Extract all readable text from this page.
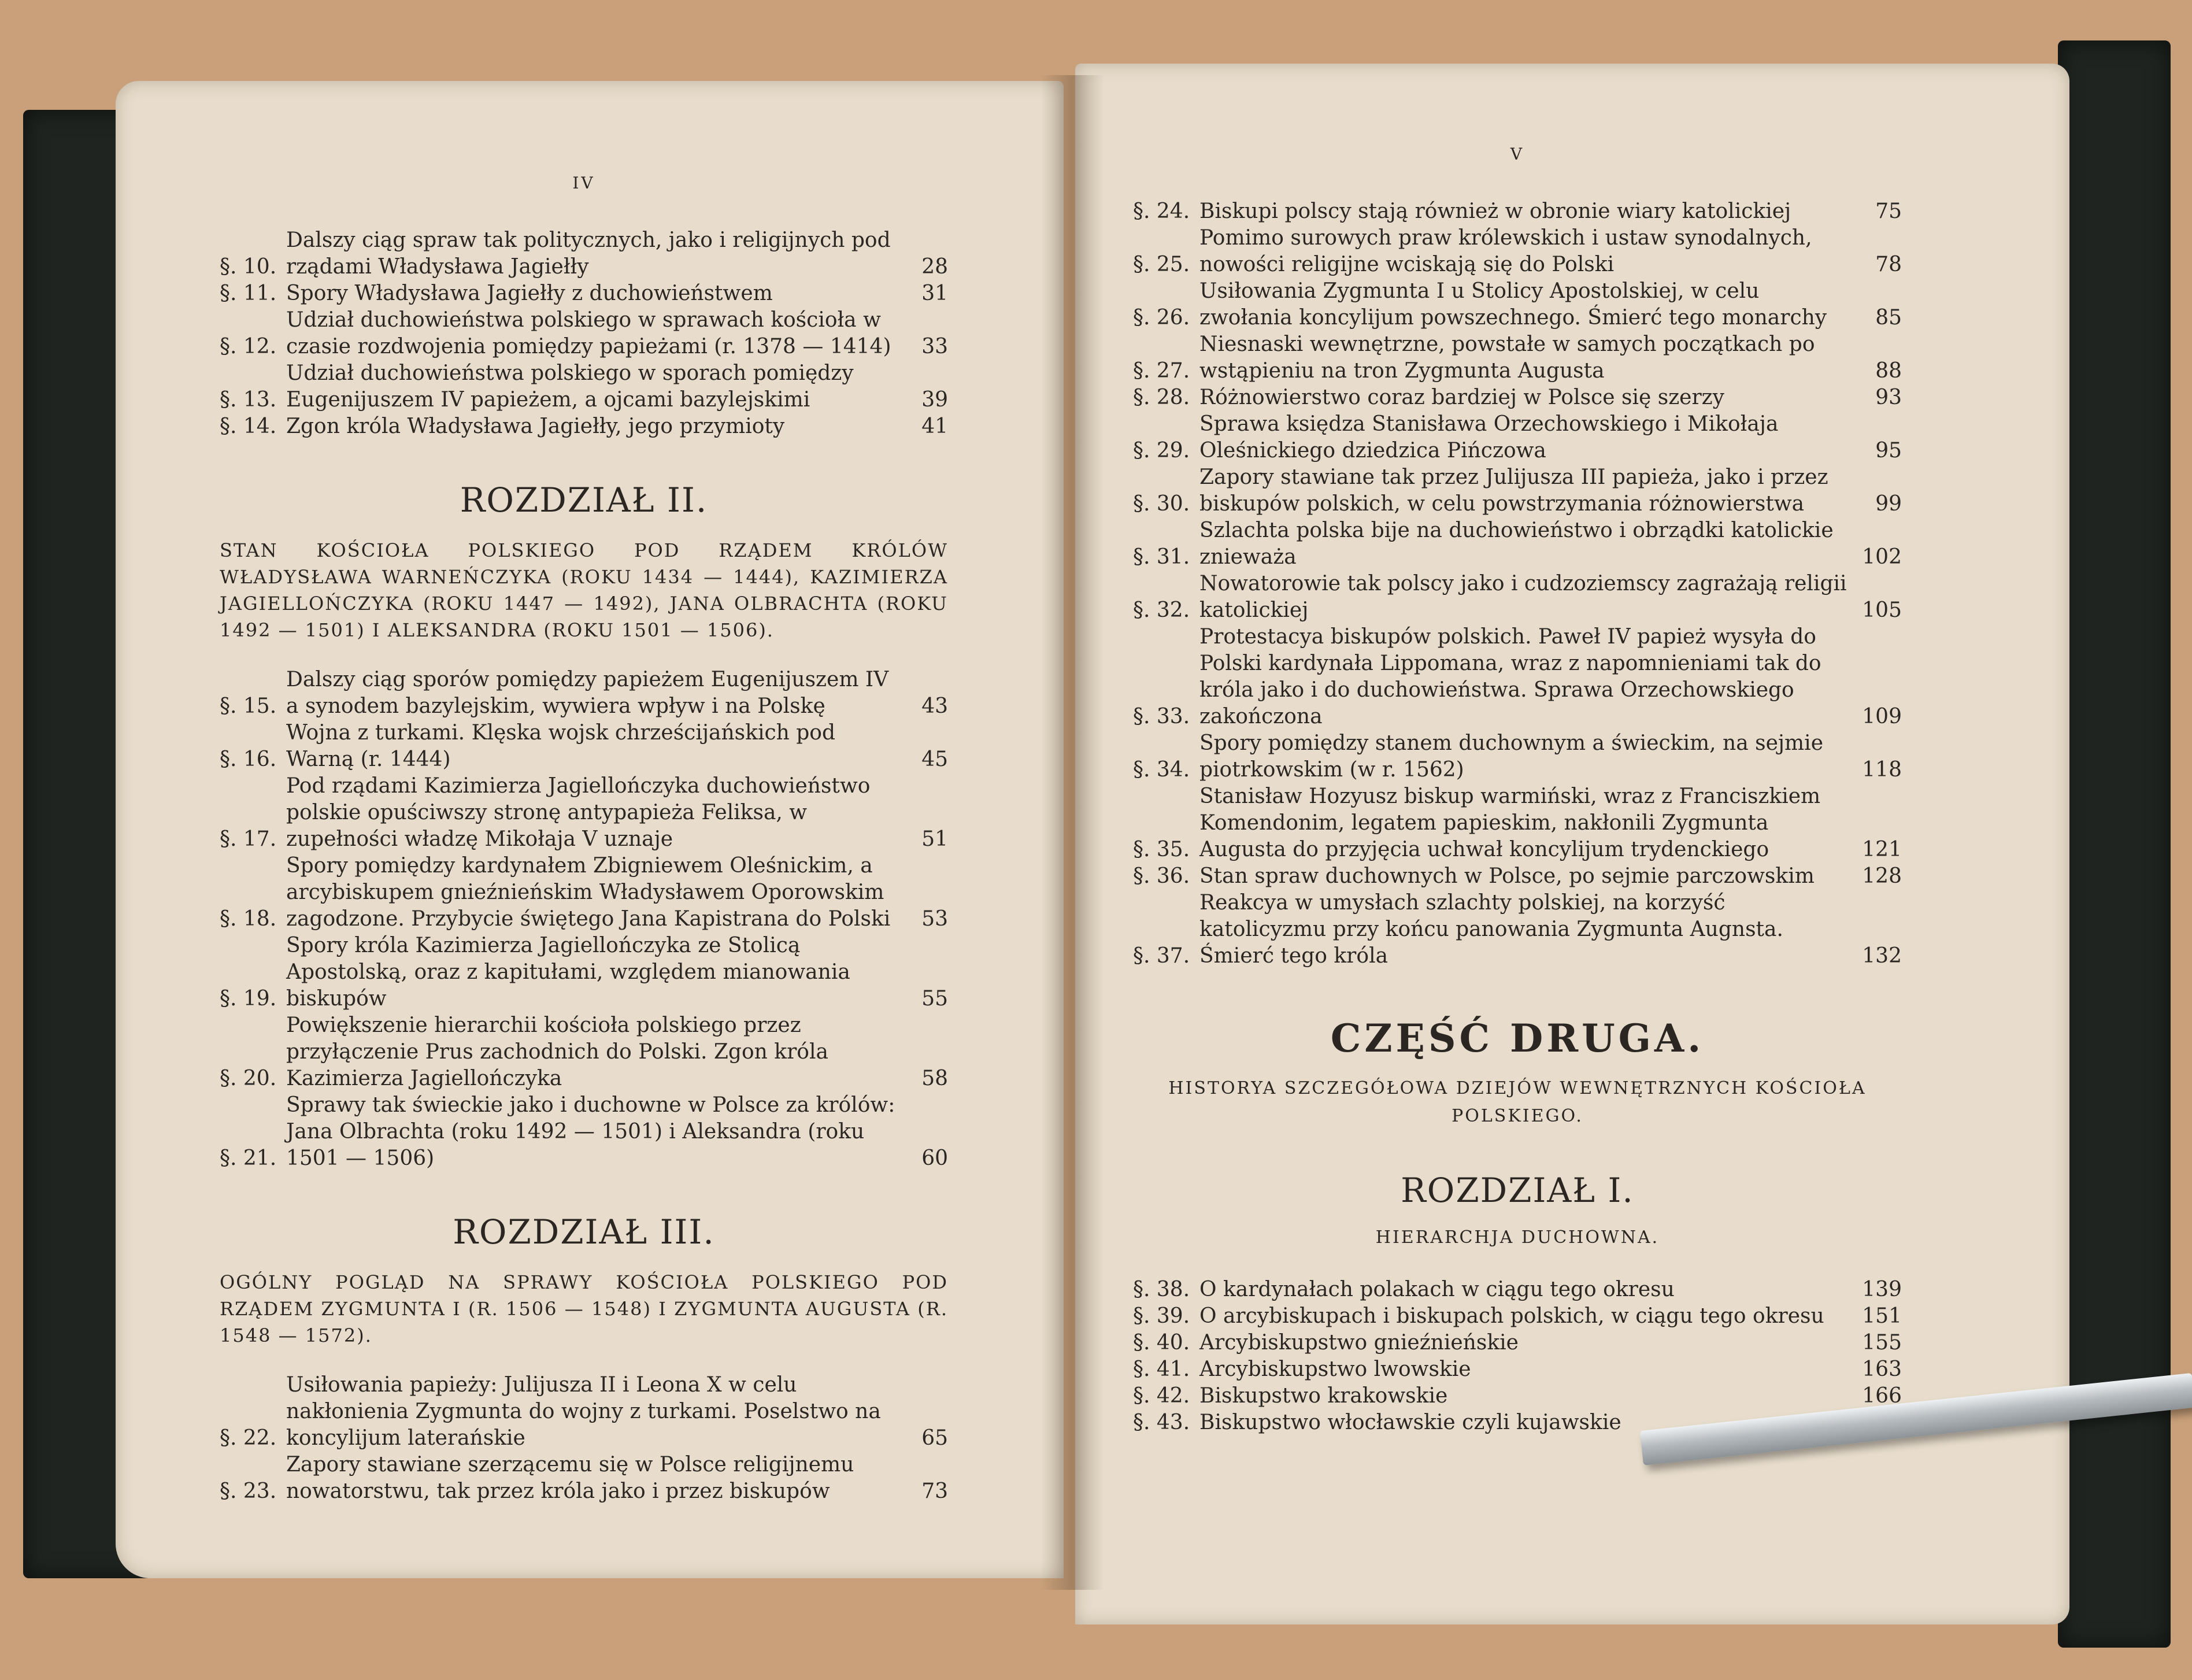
IV
§. 10.
Dalszy ciąg spraw tak politycznych, jako i religijnych pod rządami Władysława Jagiełły	28
§. 11. Spory Władysława Jagiełły z duchowieństwem	31
§. 12.
Udział duchowieństwa polskiego w sprawach kościoła w czasie rozdwojenia pomiędzy papieżami (r. 1378 — 1414)	33
§. 13.
Udział duchowieństwa polskiego w sporach pomiędzy Eugenijuszem IV papieżem, a ojcami bazylejskimi	39
§. 14. Zgon króla Władysława Jagiełły, jego przymioty	41
ROZDZIAŁ II.
STAN KOŚCIOŁA POLSKIEGO POD RZĄDEM KRÓLÓW WŁADYSŁAWA WARNEŃCZYKA (ROKU 1434 — 1444), KAZIMIERZA JAGIELLOŃCZYKA (ROKU 1447 — 1492), JANA OLBRACHTA (ROKU 1492 — 1501) I ALEKSANDRA (ROKU 1501 — 1506).
§. 15.
Dalszy ciąg sporów pomiędzy papieżem Eugenijuszem IV a synodem bazylejskim, wywiera wpływ i na Polskę	43
§. 16.
Wojna z turkami. Klęska wojsk chrześcijańskich pod Warną (r. 1444)	45
§. 17.
Pod rządami Kazimierza Jagiellończyka duchowieństwo polskie opuściwszy stronę antypapieża Feliksa, w zupełności władzę Mikołaja V uznaje	51
§. 18.
Spory pomiędzy kardynałem Zbigniewem Oleśnickim, a arcybiskupem gnieźnieńskim Władysławem Oporowskim zagodzone. Przybycie świętego Jana Kapistrana do Polski	53
§. 19.
Spory króla Kazimierza Jagiellończyka ze Stolicą Apostolską, oraz z kapitułami, względem mianowania biskupów	55
§. 20.
Powiększenie hierarchii kościoła polskiego przez przyłączenie Prus zachodnich do Polski. Zgon króla Kazimierza Jagiellończyka	58
§. 21.
Sprawy tak świeckie jako i duchowne w Polsce za królów: Jana Olbrachta (roku 1492 — 1501) i Aleksandra (roku 1501 — 1506)	60
ROZDZIAŁ III.
OGÓLNY POGLĄD NA SPRAWY KOŚCIOŁA POLSKIEGO POD RZĄDEM ZYGMUNTA I (R. 1506 — 1548) I ZYGMUNTA AUGUSTA (R. 1548 — 1572).
§. 22.
Usiłowania papieży: Julijusza II i Leona X w celu nakłonienia Zygmunta do wojny z turkami. Poselstwo na koncylijum laterańskie	65
§. 23.
Zapory stawiane szerzącemu się w Polsce religijnemu nowatorstwu, tak przez króla jako i przez biskupów	73
V
§. 24. Biskupi polscy stają również w obronie wiary katolickiej	75
§. 25.
Pomimo surowych praw królewskich i ustaw synodalnych, nowości religijne wciskają się do Polski	78
§. 26.
Usiłowania Zygmunta I u Stolicy Apostolskiej, w celu zwołania koncylijum powszechnego. Śmierć tego monarchy	85
§. 27.
Niesnaski wewnętrzne, powstałe w samych początkach po wstąpieniu na tron Zygmunta Augusta	88
§. 28. Różnowierstwo coraz bardziej w Polsce się szerzy	93
§. 29.
Sprawa księdza Stanisława Orzechowskiego i Mikołaja Oleśnickiego dziedzica Pińczowa	95
§. 30.
Zapory stawiane tak przez Julijusza III papieża, jako i przez biskupów polskich, w celu powstrzymania różnowierstwa	99
§. 31.
Szlachta polska bije na duchowieństwo i obrządki katolickie znieważa	102
§. 32.
Nowatorowie tak polscy jako i cudzoziemscy zagrażają religii katolickiej	105
§. 33.
Protestacya biskupów polskich. Paweł IV papież wysyła do Polski kardynała Lippomana, wraz z napomnieniami tak do króla jako i do duchowieństwa. Sprawa Orzechowskiego zakończona	109
§. 34.
Spory pomiędzy stanem duchownym a świeckim, na sejmie piotrkowskim (w r. 1562)	118
§. 35.
Stanisław Hozyusz biskup warmiński, wraz z Franciszkiem Komendonim, legatem papieskim, nakłonili Zygmunta Augusta do przyjęcia uchwał koncylijum trydenckiego	121
§. 36. Stan spraw duchownych w Polsce, po sejmie parczowskim	128
§. 37.
Reakcya w umysłach szlachty polskiej, na korzyść katolicyzmu przy końcu panowania Zygmunta Augnsta. Śmierć tego króla	132
CZĘŚĆ DRUGA.
HISTORYA SZCZEGÓŁOWA DZIEJÓW WEWNĘTRZNYCH KOŚCIOŁA POLSKIEGO.
ROZDZIAŁ I.
HIERARCHJA DUCHOWNA.
§. 38. O kardynałach polakach w ciągu tego okresu	139
§. 39. O arcybiskupach i biskupach polskich, w ciągu tego okresu	151
§. 40. Arcybiskupstwo gnieźnieńskie	155
§. 41. Arcybiskupstwo lwowskie	163
§. 42. Biskupstwo krakowskie	166
§. 43. Biskupstwo włocławskie czyli kujawskie
